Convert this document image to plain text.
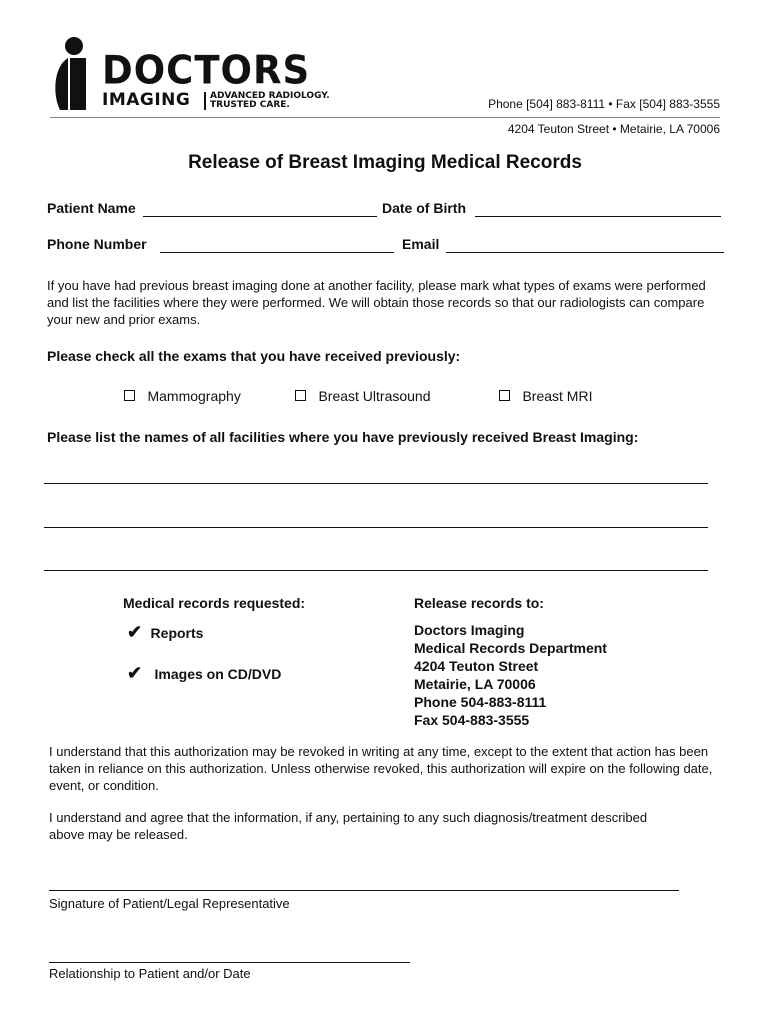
DOCTORS
IMAGING ADVANCED RADIOLOGY.
TRUSTED CARE.	Phone [504] 883-8111 • Fax [504] 883-3555
4204 Teuton Street • Metairie, LA 70006
Release of Breast Imaging Medical Records
Patient Name	Date of Birth
Phone Number	Email
If you have had previous breast imaging done at another facility, please mark what types of exams were performed and list the facilities where they were performed. We will obtain those records so that our radiologists can compare your new and prior exams.
Please check all the exams that you have received previously:
Mammography	Breast Ultrasound	Breast MRI
Please list the names of all facilities where you have previously received Breast Imaging:
Medical records requested:
✔ Reports
✔ Images on CD/DVD
Release records to:
Doctors Imaging
Medical Records Department
4204 Teuton Street
Metairie, LA 70006
Phone 504-883-8111
Fax 504-883-3555
I understand that this authorization may be revoked in writing at any time, except to the extent that action has been taken in reliance on this authorization. Unless otherwise revoked, this authorization will expire on the following date, event, or condition.
I understand and agree that the information, if any, pertaining to any such diagnosis/treatment described above may be released.
Signature of Patient/Legal Representative
Relationship to Patient and/or Date
